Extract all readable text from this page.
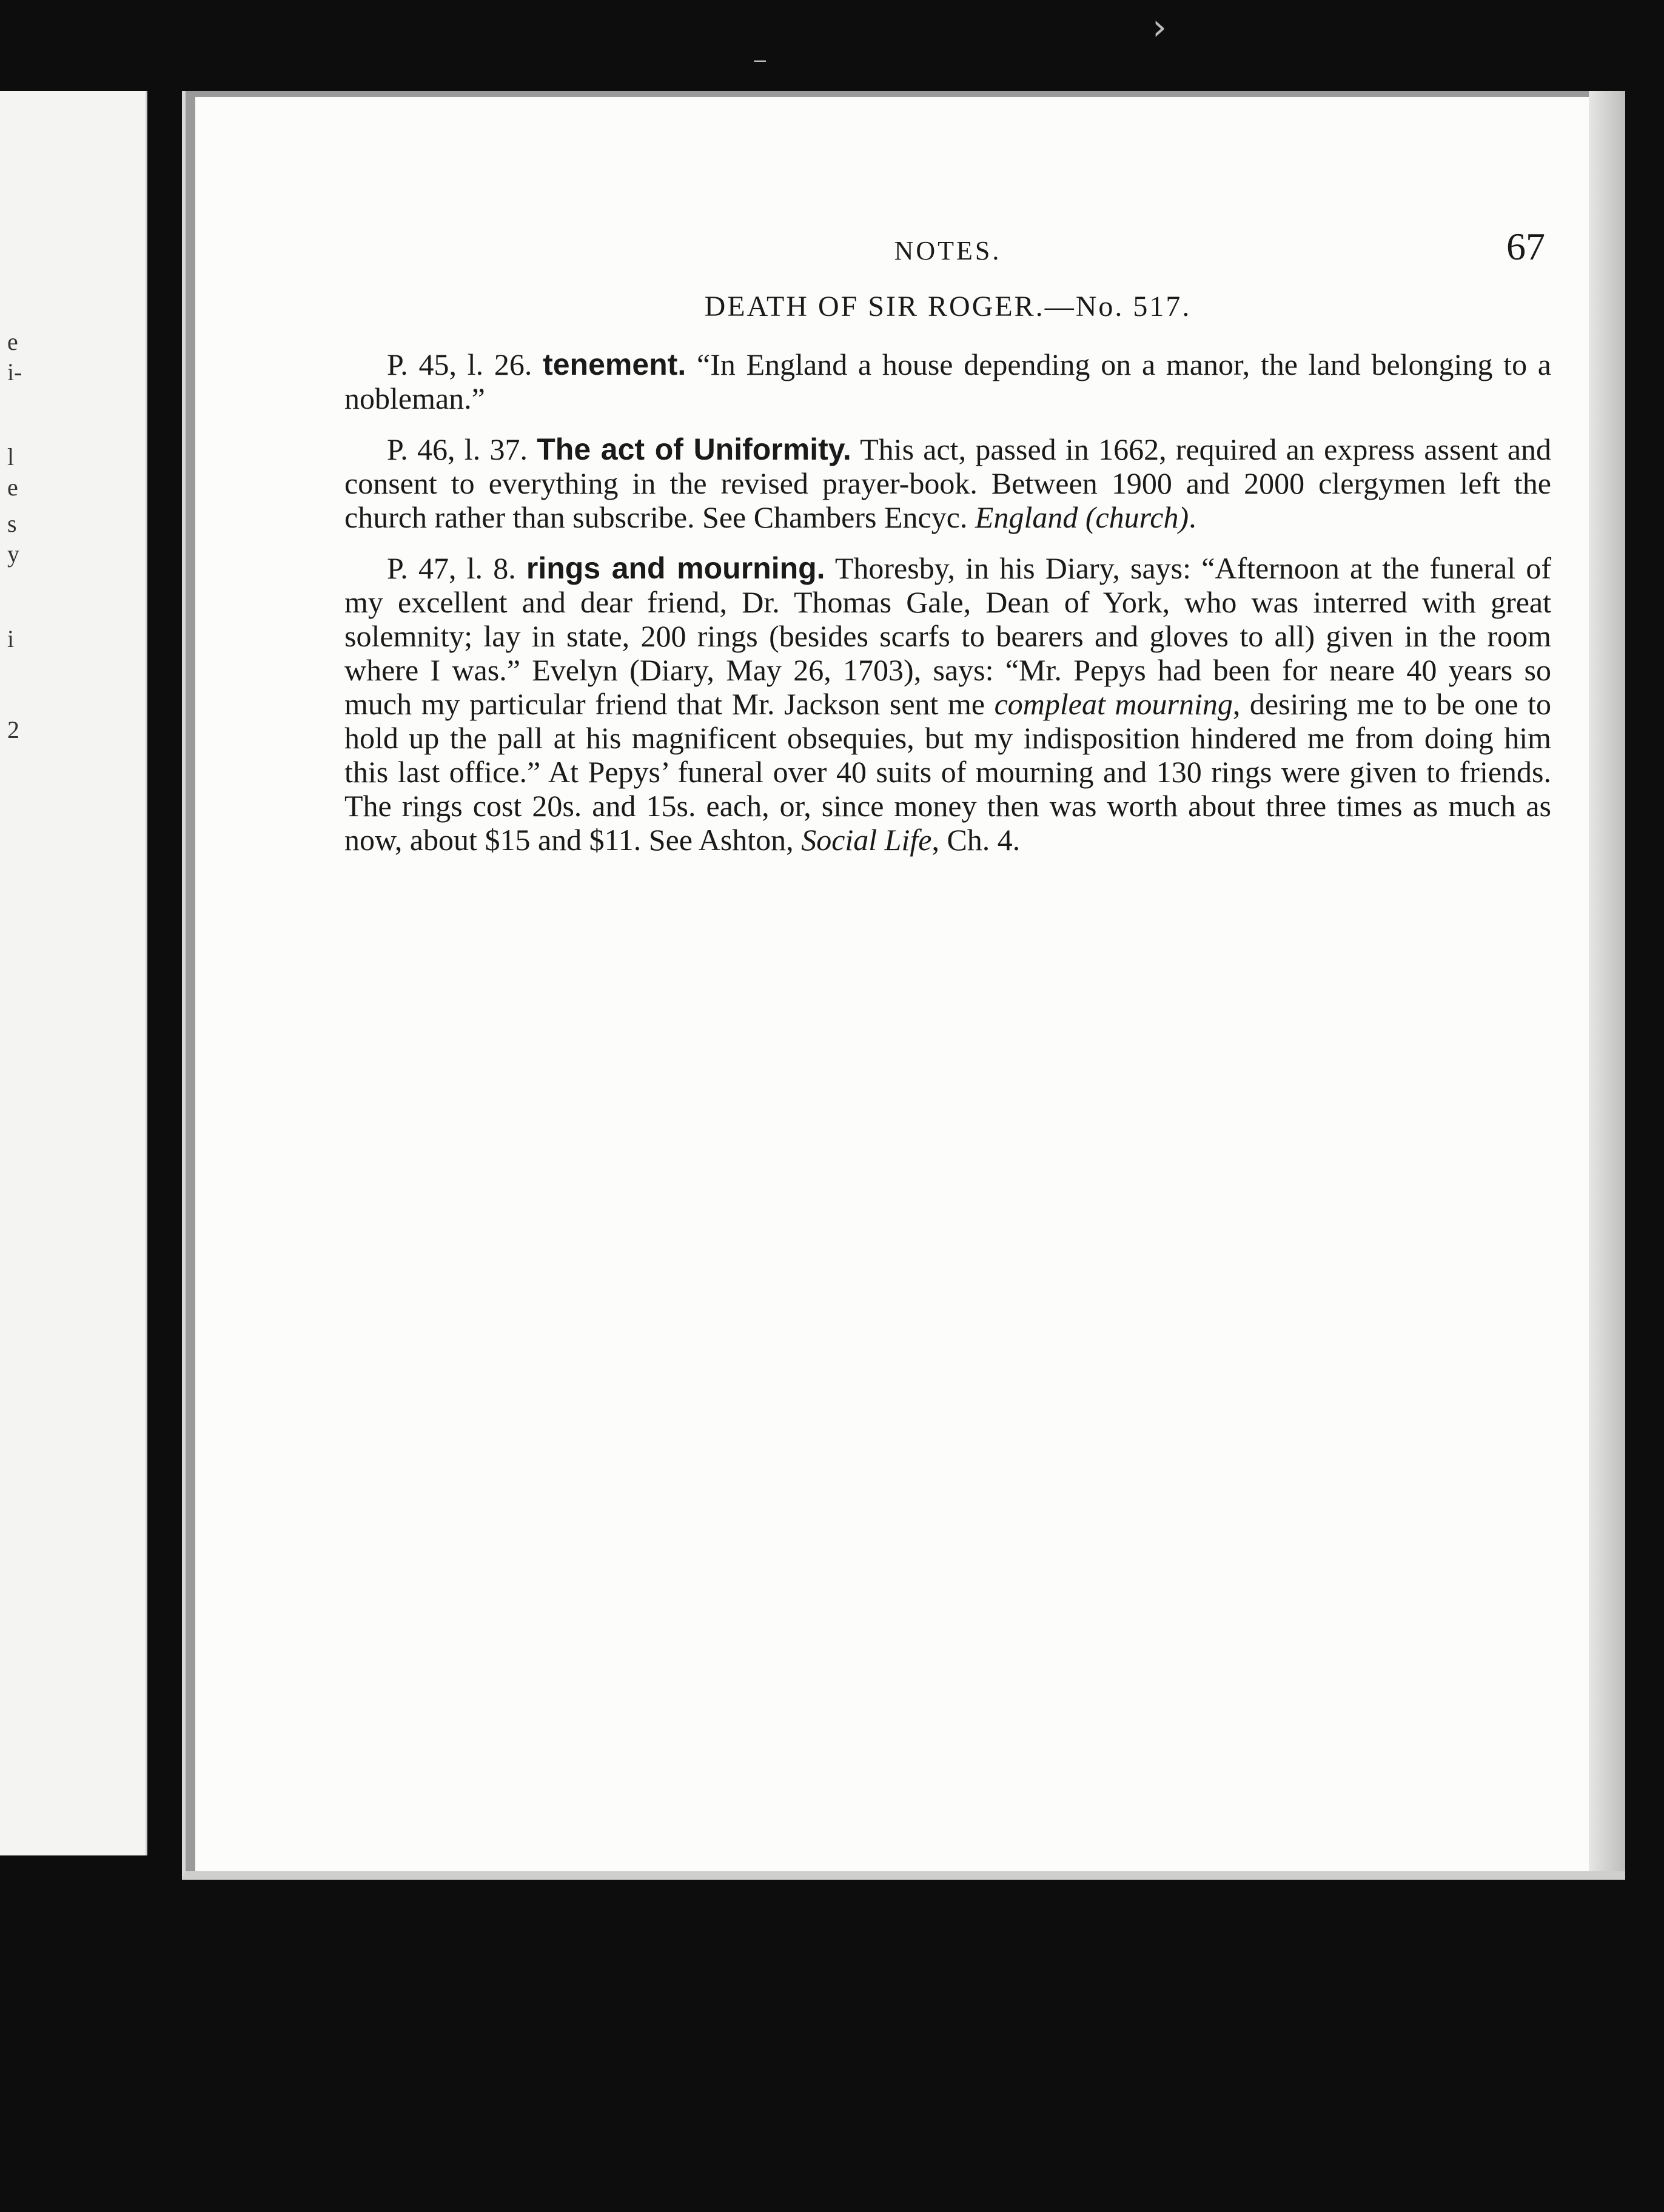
e
i-
l
e
s
y
i
2
NOTES.	67
DEATH OF SIR ROGER.—No. 517.

P. 45, l. 26. tenement. “In England a house depending on a manor, the land belonging to a nobleman.”

P. 46, l. 37. The act of Uniformity. This act, passed in 1662, required an express assent and consent to everything in the revised prayer-book. Between 1900 and 2000 clergymen left the church rather than subscribe. See Chambers Encyc. England (church).

P. 47, l. 8. rings and mourning. Thoresby, in his Diary, says: “Afternoon at the funeral of my excellent and dear friend, Dr. Thomas Gale, Dean of York, who was interred with great solemnity; lay in state, 200 rings (besides scarfs to bearers and gloves to all) given in the room where I was.” Evelyn (Diary, May 26, 1703), says: “Mr. Pepys had been for neare 40 years so much my particular friend that Mr. Jackson sent me compleat mourning, desiring me to be one to hold up the pall at his magnificent obsequies, but my indisposition hindered me from doing him this last office.” At Pepys’ funeral over 40 suits of mourning and 130 rings were given to friends. The rings cost 20s. and 15s. each, or, since money then was worth about three times as much as now, about $15 and $11. See Ashton, Social Life, Ch. 4.

⁻
›
